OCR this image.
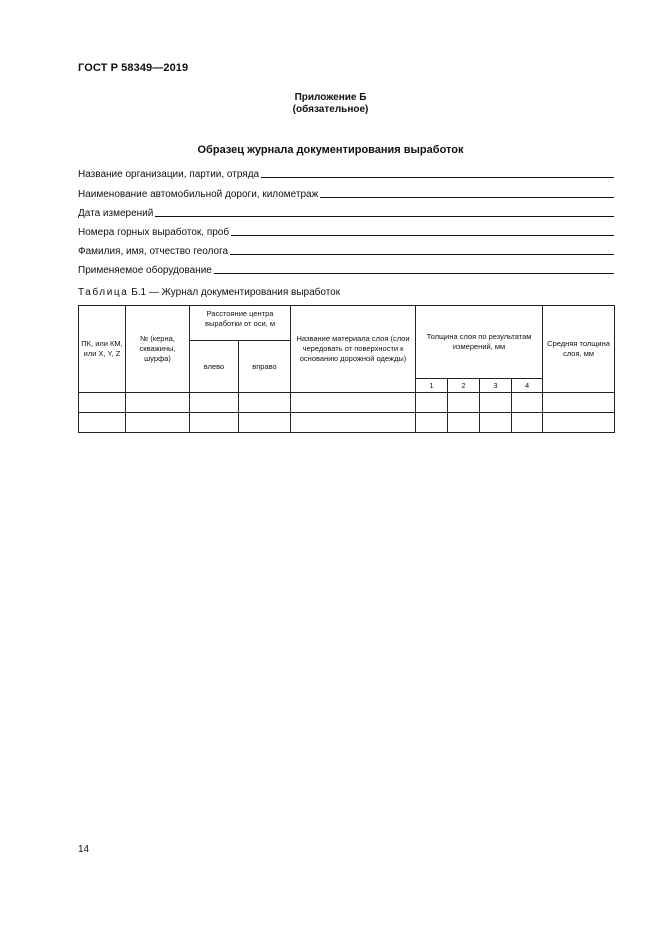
ГОСТ Р 58349—2019
Приложение Б
(обязательное)
Образец журнала документирования выработок
Название организации, партии, отряда
Наименование автомобильной дороги, километраж
Дата измерений
Номера горных выработок, проб
Фамилия, имя, отчество геолога
Применяемое оборудование
Таблица Б.1 — Журнал документирования выработок
ПК, или КМ, или X, Y, Z	№ (керна, скважины, шурфа)	Расстояние центра выработки от оси, м		Название материала слоя (слои чередовать от поверхности к основанию дорожной одежды)	Толщина слоя по результатам измерений, мм				Средняя толщина слоя, мм
		влево	вправо						
					1	2	3	4	

14
